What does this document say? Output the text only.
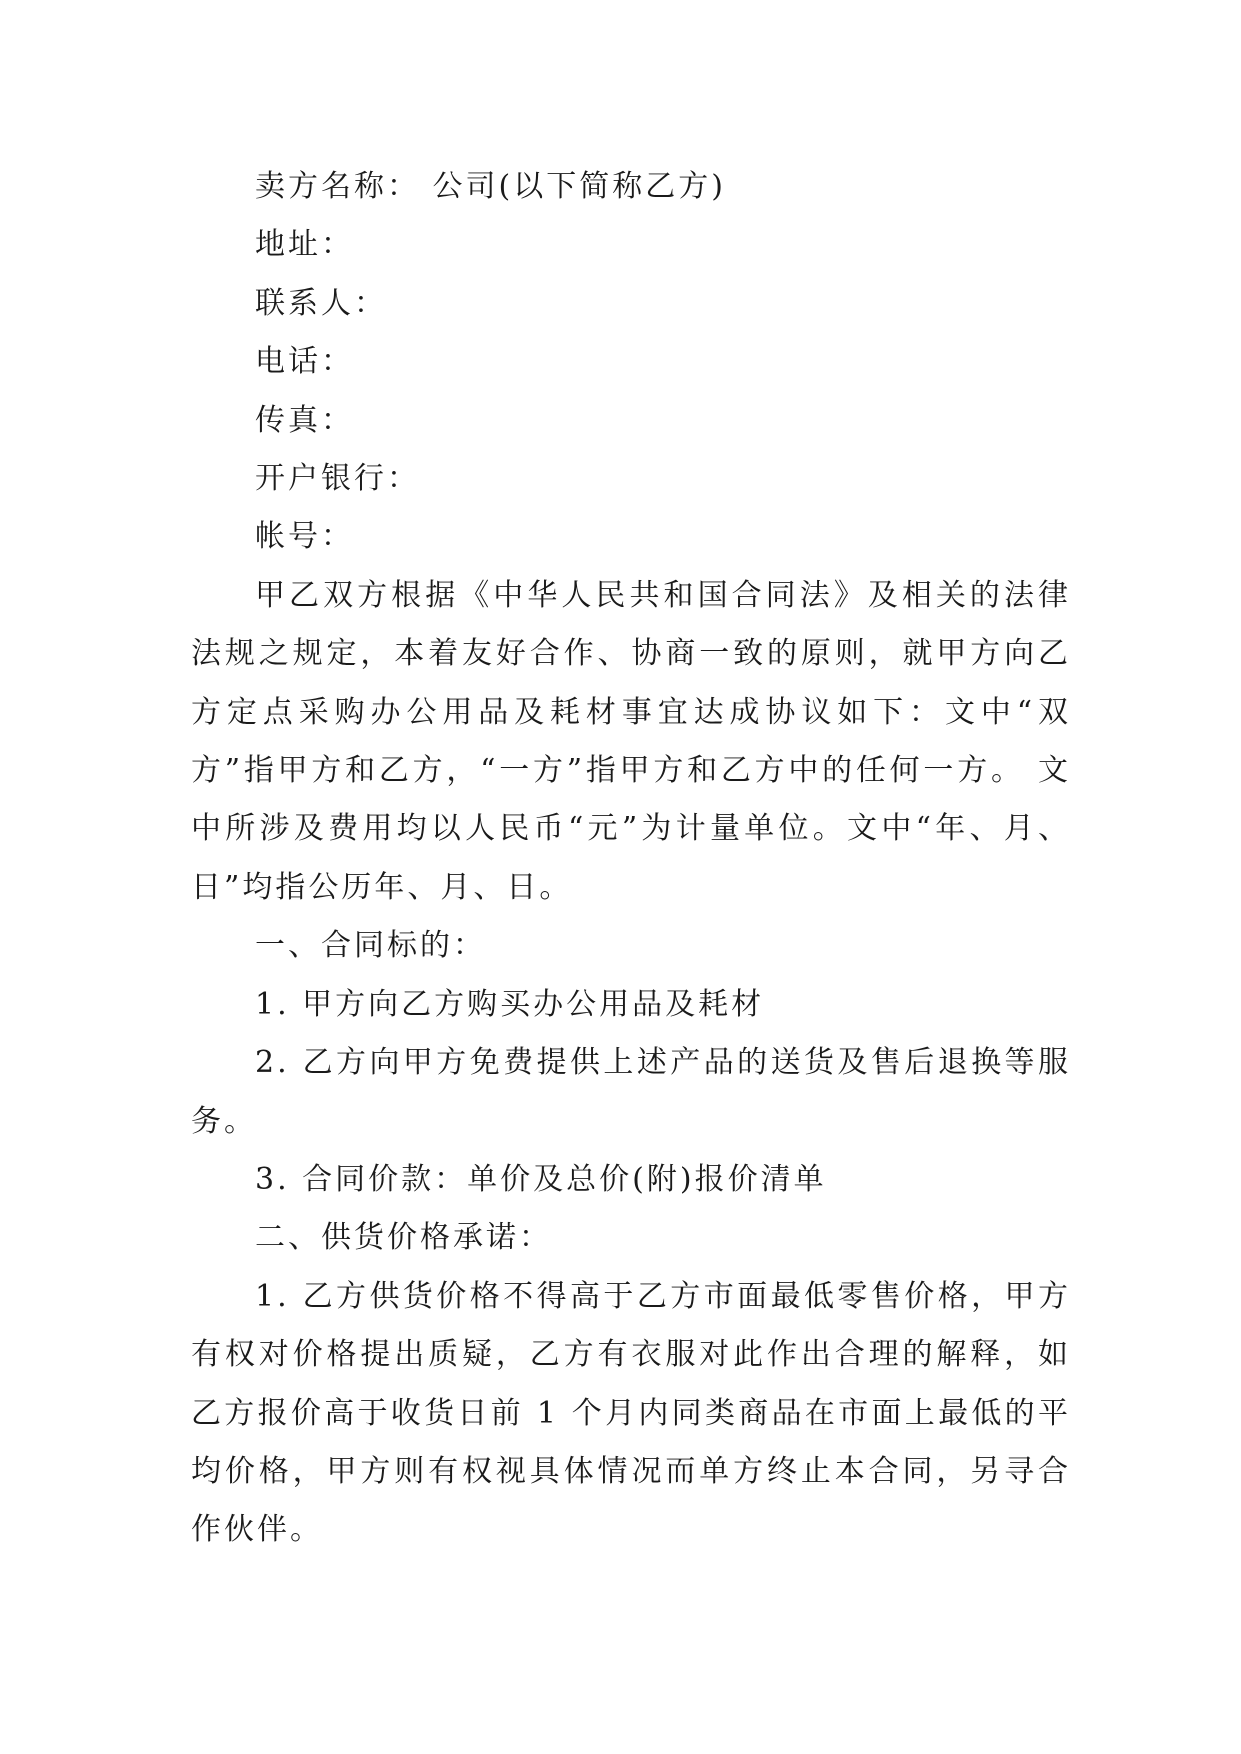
卖方名称： 公司(以下简称乙方)

地址：

联系人：

电话：

传真：

开户银行：

帐号：

甲乙双方根据《中华人民共和国合同法》及相关的法律法规之规定，本着友好合作、协商一致的原则，就甲方向乙方定点采购办公用品及耗材事宜达成协议如下：文中“双方”指甲方和乙方，“一方”指甲方和乙方中的任何一方。 文中所涉及费用均以人民币“元”为计量单位。文中“年、月、日”均指公历年、月、日。

一、合同标的：

1. 甲方向乙方购买办公用品及耗材

2. 乙方向甲方免费提供上述产品的送货及售后退换等服务。

3. 合同价款：单价及总价(附)报价清单

二、供货价格承诺：

1. 乙方供货价格不得高于乙方市面最低零售价格，甲方有权对价格提出质疑，乙方有衣服对此作出合理的解释，如乙方报价高于收货日前 1 个月内同类商品在市面上最低的平均价格，甲方则有权视具体情况而单方终止本合同，另寻合作伙伴。
